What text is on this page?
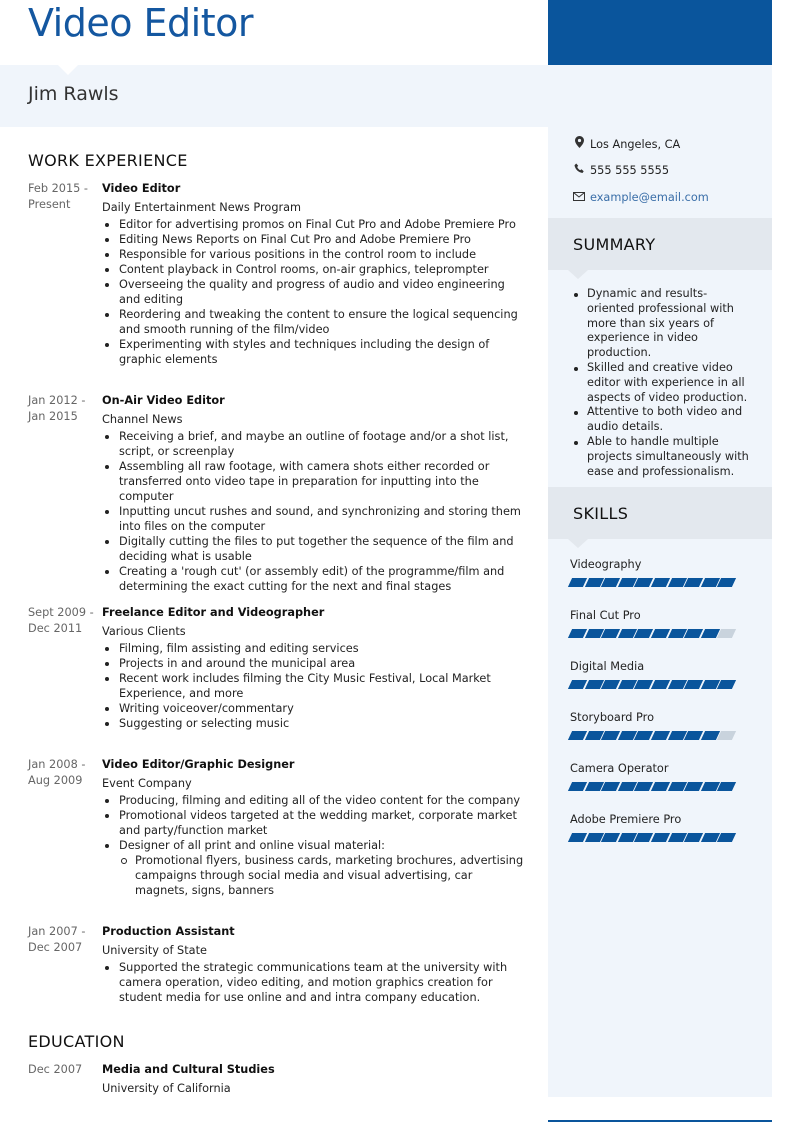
Video Editor
Jim Rawls
Los Angeles, CA
555 555 5555
example@email.com
SUMMARY
Dynamic and results-oriented professional with more than six years of experience in video production.
Skilled and creative video editor with experience in all aspects of video production.
Attentive to both video and audio details.
Able to handle multiple projects simultaneously with ease and professionalism.
SKILLS
Videography
Final Cut Pro
Digital Media
Storyboard Pro
Camera Operator
Adobe Premiere Pro
WORK EXPERIENCE
Feb 2015 - Present
Video Editor
Daily Entertainment News Program
Editor for advertising promos on Final Cut Pro and Adobe Premiere Pro
Editing News Reports on Final Cut Pro and Adobe Premiere Pro
Responsible for various positions in the control room to include
Content playback in Control rooms, on-air graphics, teleprompter
Overseeing the quality and progress of audio and video engineering and editing
Reordering and tweaking the content to ensure the logical sequencing and smooth running of the film/video
Experimenting with styles and techniques including the design of graphic elements
Jan 2012 - Jan 2015
On-Air Video Editor
Channel News
Receiving a brief, and maybe an outline of footage and/or a shot list, script, or screenplay
Assembling all raw footage, with camera shots either recorded or transferred onto video tape in preparation for inputting into the computer
Inputting uncut rushes and sound, and synchronizing and storing them into files on the computer
Digitally cutting the files to put together the sequence of the film and deciding what is usable
Creating a 'rough cut' (or assembly edit) of the programme/film and determining the exact cutting for the next and final stages
Sept 2009 - Dec 2011
Freelance Editor and Videographer
Various Clients
Filming, film assisting and editing services
Projects in and around the municipal area
Recent work includes filming the City Music Festival, Local Market Experience, and more
Writing voiceover/commentary
Suggesting or selecting music
Jan 2008 - Aug 2009
Video Editor/Graphic Designer
Event Company
Producing, filming and editing all of the video content for the company
Promotional videos targeted at the wedding market, corporate market and party/function market
Designer of all print and online visual material:
Promotional flyers, business cards, marketing brochures, advertising campaigns through social media and visual advertising, car magnets, signs, banners
Jan 2007 - Dec 2007
Production Assistant
University of State
Supported the strategic communications team at the university with camera operation, video editing, and motion graphics creation for student media for use online and and intra company education.
EDUCATION
Dec 2007	Media and Cultural Studies
University of California
